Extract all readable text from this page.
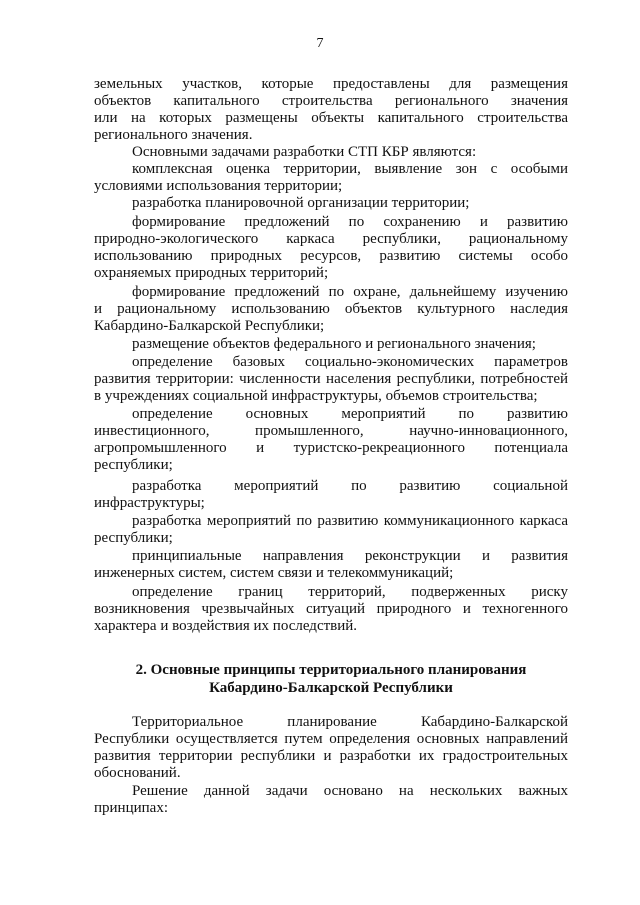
7
земельных участков, которые предоставлены для размещения
объектов капитального строительства регионального значения
или на которых размещены объекты капитального строительства
регионального значения.
Основными задачами разработки СТП КБР являются:
комплексная оценка территории, выявление зон с особыми
условиями использования территории;
разработка планировочной организации территории;
формирование предложений по сохранению и развитию
природно-экологического каркаса республики, рациональному
использованию природных ресурсов, развитию системы особо
охраняемых природных территорий;
формирование предложений по охране, дальнейшему изучению
и рациональному использованию объектов культурного наследия
Кабардино-Балкарской Республики;
размещение объектов федерального и регионального значения;
определение базовых социально-экономических параметров
развития территории: численности населения республики, потребностей
в учреждениях социальной инфраструктуры, объемов строительства;
определение основных мероприятий по развитию
инвестиционного, промышленного, научно-инновационного,
агропромышленного и туристско-рекреационного потенциала
республики;
разработка мероприятий по развитию социальной
инфраструктуры;
разработка мероприятий по развитию коммуникационного каркаса
республики;
принципиальные направления реконструкции и развития
инженерных систем, систем связи и телекоммуникаций;
определение границ территорий, подверженных риску
возникновения чрезвычайных ситуаций природного и техногенного
характера и воздействия их последствий.
2. Основные принципы территориального планирования
Кабардино-Балкарской Республики
Территориальное планирование Кабардино-Балкарской
Республики осуществляется путем определения основных направлений
развития территории республики и разработки их градостроительных
обоснований.
Решение данной задачи основано на нескольких важных
принципах:
